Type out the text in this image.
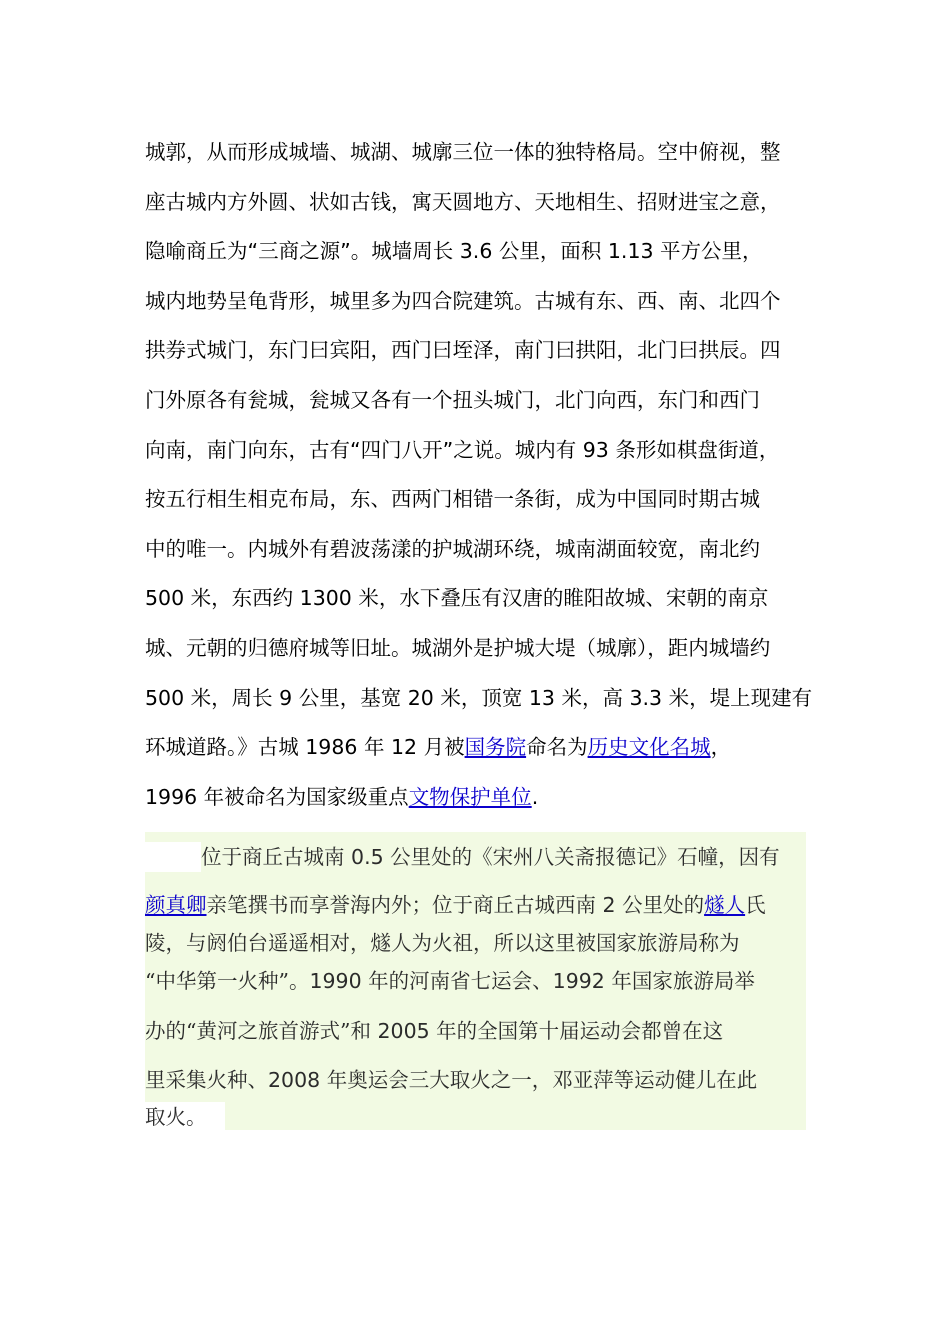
城郭，从而形成城墙、城湖、城廓三位一体的独特格局。空中俯视，整
座古城内方外圆、状如古钱，寓天圆地方、天地相生、招财进宝之意，
隐喻商丘为“三商之源”。城墙周长 3.6 公里，面积 1.13 平方公里，
城内地势呈龟背形，城里多为四合院建筑。古城有东、西、南、北四个
拱券式城门，东门曰宾阳，西门曰垤泽，南门曰拱阳，北门曰拱辰。四
门外原各有瓮城，瓮城又各有一个扭头城门，北门向西，东门和西门
向南，南门向东，古有“四门八开”之说。城内有 93 条形如棋盘街道，
按五行相生相克布局，东、西两门相错一条街，成为中国同时期古城
中的唯一。内城外有碧波荡漾的护城湖环绕，城南湖面较宽，南北约
500 米，东西约 1300 米，水下叠压有汉唐的睢阳故城、宋朝的南京
城、元朝的归德府城等旧址。城湖外是护城大堤（城廓），距内城墙约
500 米，周长 9 公里，基宽 20 米，顶宽 13 米，高 3.3 米，堤上现建有
环城道路。》古城 1986 年 12 月被国务院命名为历史文化名城，
1996 年被命名为国家级重点文物保护单位.
位于商丘古城南 0.5 公里处的《宋州八关斋报德记》石幢，因有
颜真卿亲笔撰书而享誉海内外；位于商丘古城西南 2 公里处的燧人氏
陵，与阏伯台遥遥相对，燧人为火祖，所以这里被国家旅游局称为
“中华第一火种”。1990 年的河南省七运会、1992 年国家旅游局举
办的“黄河之旅首游式”和 2005 年的全国第十届运动会都曾在这
里采集火种、2008 年奥运会三大取火之一，邓亚萍等运动健儿在此
取火。
